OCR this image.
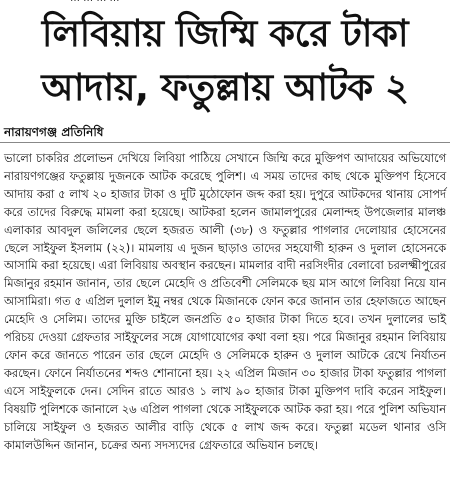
লিবিয়ায় জিম্মি করে টাকা
আদায়, ফতুল্লায় আটক ২
নারায়ণগঞ্জ প্রতিনিধি
ভালো চাকরির প্রলোভন দেখিয়ে লিবিয়া পাঠিয়ে সেখানে জিম্মি করে মুক্তিপণ আদায়ের অভিযোগে নারায়ণগঞ্জের ফতুল্লায় দুজনকে আটক করেছে পুলিশ। এ সময় তাদের কাছ থেকে মুক্তিপণ হিসেবে আদায় করা ৫ লাখ ২০ হাজার টাকা ও দুটি মুঠোফোন জব্দ করা হয়। দুপুরে আটকদের থানায় সোপর্দ করে তাদের বিরুদ্ধে মামলা করা হয়েছে। আটকরা হলেন জামালপুরের মেলান্দহ উপজেলার মালঞ্চ এলাকার আবদুল জলিলের ছেলে হজরত আলী (৩৮) ও ফতুল্লার পাগলার দেলোয়ার হোসেনের ছেলে সাইফুল ইসলাম (২২)। মামলায় এ দুজন ছাড়াও তাদের সহযোগী হারুন ও দুলাল হোসেনকে আসামি করা হয়েছে। এরা লিবিয়ায় অবস্থান করছেন। মামলার বাদী নরসিংদীর বেলাবো চরলক্ষ্মীপুরের মিজানুর রহমান জানান, তার ছেলে মেহেদি ও প্রতিবেশী সেলিমকে ছয় মাস আগে লিবিয়া নিয়ে যান আসামিরা। গত ৫ এপ্রিল দুলাল ইমু নম্বর থেকে মিজানকে ফোন করে জানান তার হেফাজতে আছেন মেহেদি ও সেলিম। তাদের মুক্তি চাইলে জনপ্রতি ৫০ হাজার টাকা দিতে হবে। তখন দুলালের ভাই পরিচয় দেওয়া গ্রেফতার সাইফুলের সঙ্গে যোগাযোগের কথা বলা হয়। পরে মিজানুর রহমান লিবিয়ায় ফোন করে জানতে পারেন তার ছেলে মেহেদি ও সেলিমকে হারুন ও দুলাল আটকে রেখে নির্যাতন করছেন। ফোনে নির্যাতনের শব্দও শোনানো হয়। ২২ এপ্রিল মিজান ৩০ হাজার টাকা ফতুল্লার পাগলা এসে সাইফুলকে দেন। সেদিন রাতে আরও ১ লাখ ৯০ হাজার টাকা মুক্তিপণ দাবি করেন সাইফুল। বিষয়টি পুলিশকে জানালে ২৬ এপ্রিল পাগলা থেকে সাইফুলকে আটক করা হয়। পরে পুলিশ অভিযান চালিয়ে সাইফুল ও হজরত আলীর বাড়ি থেকে ৫ লাখ জব্দ করে। ফতুল্লা মডেল থানার ওসি কামালউদ্দিন জানান, চক্রের অন্য সদস্যদের গ্রেফতারে অভিযান চলছে।
